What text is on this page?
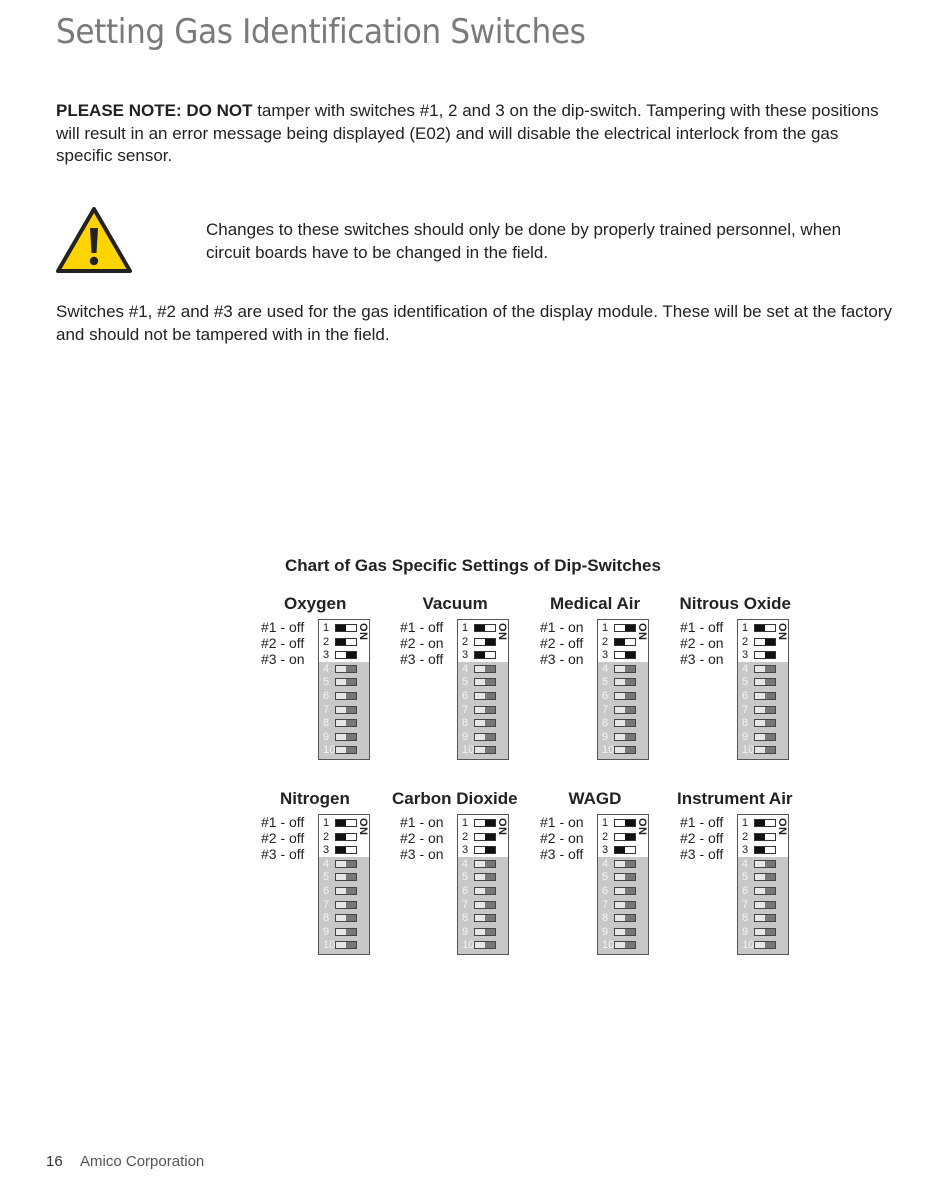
Setting Gas Identification Switches

PLEASE NOTE: DO NOT tamper with switches #1, 2 and 3 on the dip-switch. Tampering with these positions will result in an error message being displayed (E02) and will disable the electrical interlock from the gas specific sensor.

Changes to these switches should only be done by properly trained personnel, when circuit boards have to be changed in the field.

Switches #1, #2 and #3 are used for the gas identification of the display module. These will be set at the factory and should not be tampered with in the field.

Chart of Gas Specific Settings of Dip-Switches

Oxygen
#1 - off
#2 - off
#3 - on
ON
1
2
3
4
5
6
7
8
9
10
Vacuum
#1 - off
#2 - on
#3 - off
ON
1
2
3
4
5
6
7
8
9
10
Medical Air
#1 - on
#2 - off
#3 - on
ON
1
2
3
4
5
6
7
8
9
10
Nitrous Oxide
#1 - off
#2 - on
#3 - on
ON
1
2
3
4
5
6
7
8
9
10
Nitrogen
#1 - off
#2 - off
#3 - off
ON
1
2
3
4
5
6
7
8
9
10
Carbon Dioxide
#1 - on
#2 - on
#3 - on
ON
1
2
3
4
5
6
7
8
9
10
WAGD
#1 - on
#2 - on
#3 - off
ON
1
2
3
4
5
6
7
8
9
10
Instrument Air
#1 - off
#2 - off
#3 - off
ON
1
2
3
4
5
6
7
8
9
10
16 Amico Corporation
